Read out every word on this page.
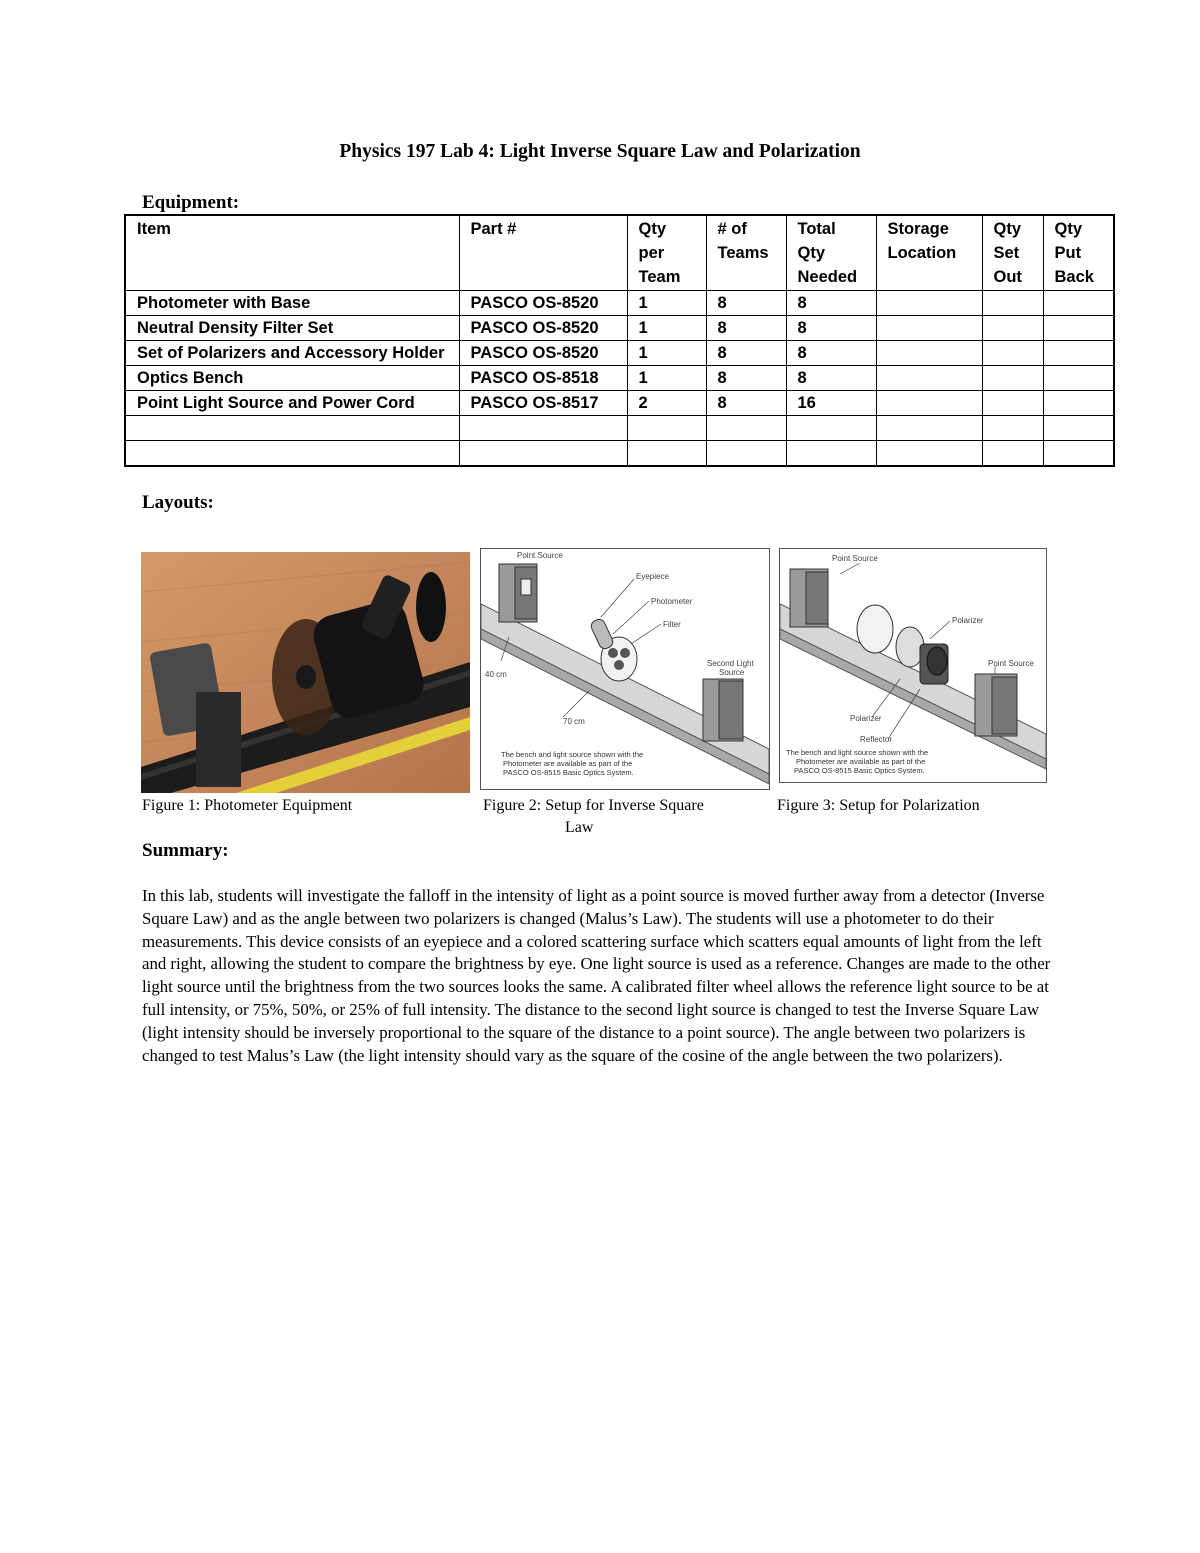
Physics 197 Lab 4: Light Inverse Square Law and Polarization
Equipment:
Item	Part #	Qty per Team	# of Teams	Total Qty Needed	Storage Location	Qty Set Out	Qty Put Back

Photometer with Base	PASCO OS-8520	1	8	8			
Neutral Density Filter Set	PASCO OS-8520	1	8	8			
Set of Polarizers and Accessory Holder	PASCO OS-8520	1	8	8			
Optics Bench	PASCO OS-8518	1	8	8			
Point Light Source and Power Cord	PASCO OS-8517	2	8	16			

Layouts:
Point Source
Eyepiece
Photometer
Filter
Second Light
Source
40 cm
70 cm
The bench and light source shown with the
Photometer are available as part of the
PASCO OS-8515 Basic Optics System.
Point Source
Polarizer
Point Source
Polarizer
Reflector
The bench and light source shown with the
Photometer are available as part of the
PASCO OS-8515 Basic Optics System.
Figure 1: Photometer Equipment	Figure 2: Setup for Inverse Square
Law
Figure 3: Setup for Polarization
Summary:
In this lab, students will investigate the falloff in the intensity of light as a point source is moved further away from a detector (Inverse Square Law) and as the angle between two polarizers is changed (Malus’s Law). The students will use a photometer to do their measurements. This device consists of an eyepiece and a colored scattering surface which scatters equal amounts of light from the left and right, allowing the student to compare the brightness by eye. One light source is used as a reference. Changes are made to the other light source until the brightness from the two sources looks the same. A calibrated filter wheel allows the reference light source to be at full intensity, or 75%, 50%, or 25% of full intensity. The distance to the second light source is changed to test the Inverse Square Law (light intensity should be inversely proportional to the square of the distance to a point source). The angle between two polarizers is changed to test Malus’s Law (the light intensity should vary as the square of the cosine of the angle between the two polarizers).
